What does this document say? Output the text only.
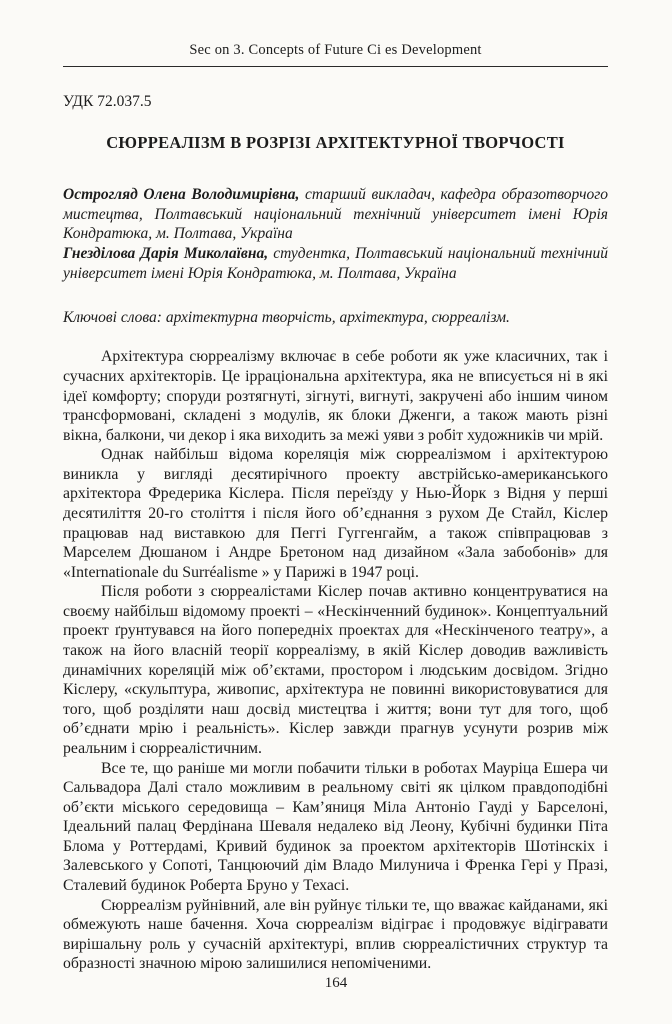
Sec on 3. Concepts of Future Ci es Development
УДК 72.037.5
СЮРРЕАЛІЗМ В РОЗРІЗІ АРХІТЕКТУРНОЇ ТВОРЧОСТІ

Острогляд Олена Володимирівна, старший викладач, кафедра образотворчого мистецтва, Полтавський національний технічний університет імені Юрія Кондратюка, м. Полтава, Україна

Гнезділова Дарія Миколаївна, студентка, Полтавський національний технічний університет імені Юрія Кондратюка, м. Полтава, Україна

Ключові слова: архітектурна творчість, архітектура, сюрреалізм.

Архітектура сюрреалізму включає в себе роботи як уже класичних, так і сучасних архітекторів. Це ірраціональна архітектура, яка не вписується ні в які ідеї комфорту; споруди розтягнуті, зігнуті, вигнуті, закручені або іншим чином трансформовані, складені з модулів, як блоки Дженги, а також мають різні вікна, балкони, чи декор і яка виходить за межі уяви з робіт художників чи мрій.

Однак найбільш відома кореляція між сюрреалізмом і архітектурою виникла у вигляді десятирічного проекту австрійсько-американського архітектора Фредерика Кіслера. Після переїзду у Нью-Йорк з Відня у перші десятиліття 20-го століття і після його об’єднання з рухом Де Стайл, Кіслер працював над виставкою для Пеггі Гуггенгайм, а також співпрацював з Марселем Дюшаном і Андре Бретоном над дизайном «Зала забобонів» для «Internationale du Surréalisme » у Парижі в 1947 році.

Після роботи з сюрреалістами Кіслер почав активно концентруватися на своєму найбільш відомому проекті – «Нескінченний будинок». Концептуальний проект ґрунтувався на його попередніх проектах для «Нескінченого театру», а також на його власній теорії корреалізму, в якій Кіслер доводив важливість динамічних кореляцій між об’єктами, простором і людським досвідом. Згідно Кіслеру, «скульптура, живопис, архітектура не повинні використовуватися для того, щоб розділяти наш досвід мистецтва і життя; вони тут для того, щоб об’єднати мрію і реальність». Кіслер завжди прагнув усунути розрив між реальним і сюрреалістичним.

Все те, що раніше ми могли побачити тільки в роботах Мауріца Ешера чи Сальвадора Далі стало можливим в реальному світі як цілком правдоподібні об’єкти міського середовища – Кам’яниця Міла Антоніо Гауді у Барселоні, Ідеальний палац Фердінана Шеваля недалеко від Леону, Кубічні будинки Піта Блома у Роттердамі, Кривий будинок за проектом архітекторів Шотінскіх і Залевського у Сопоті, Танцюючий дім Владо Милунича і Френка Гері у Празі, Сталевий будинок Роберта Бруно у Техасі.

Сюрреалізм руйнівний, але він руйнує тільки те, що вважає кайданами, які обмежують наше бачення. Хоча сюрреалізм відіграє і продовжує відігравати вирішальну роль у сучасній архітектурі, вплив сюрреалістичних структур та образності значною мірою залишилися непоміченими.

164
